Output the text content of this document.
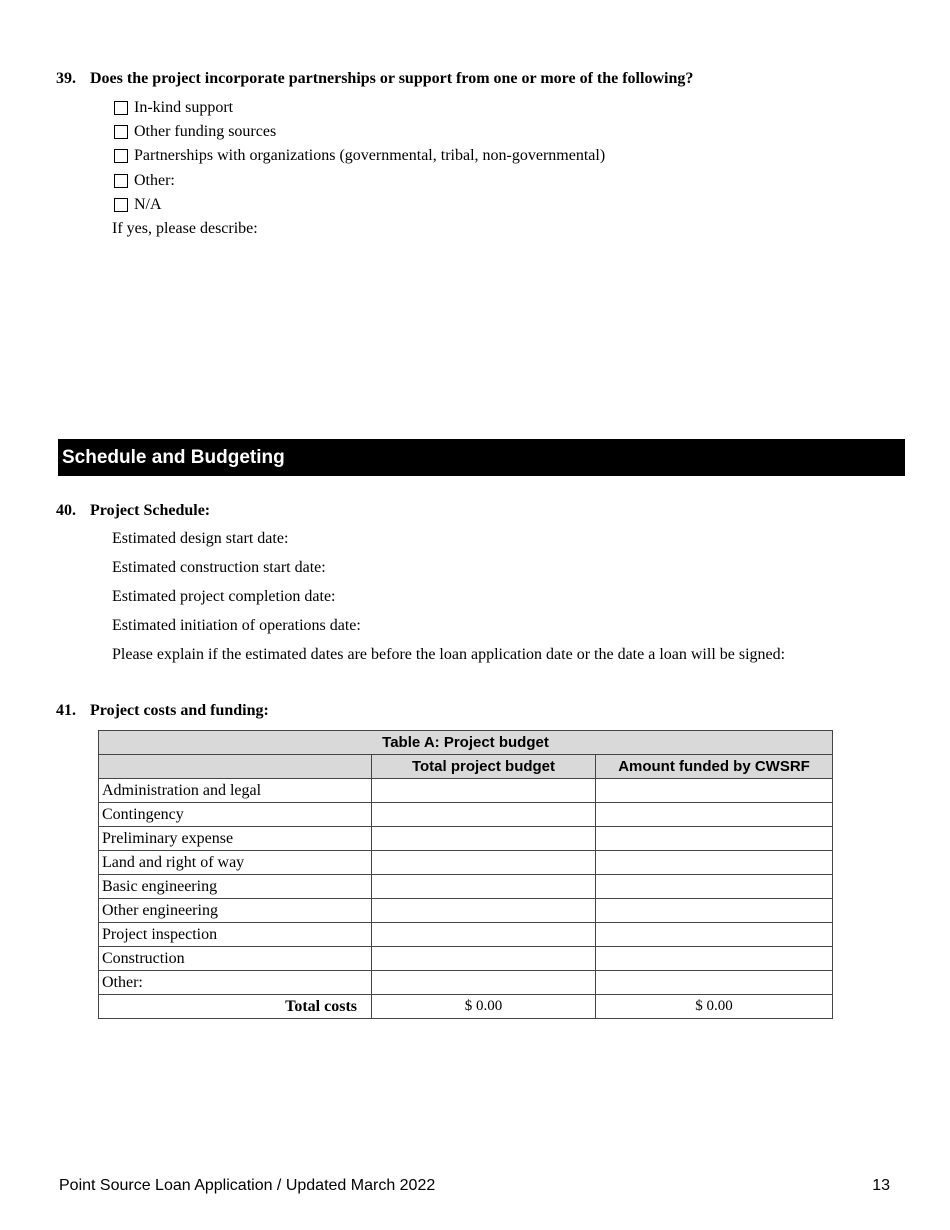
39. Does the project incorporate partnerships or support from one or more of the following?
In-kind support
Other funding sources
Partnerships with organizations (governmental, tribal, non-governmental)
Other:
N/A
If yes, please describe:
Schedule and Budgeting
40. Project Schedule:
Estimated design start date:
Estimated construction start date:
Estimated project completion date:
Estimated initiation of operations date:
Please explain if the estimated dates are before the loan application date or the date a loan will be signed:
41. Project costs and funding:
Table A: Project budget		
	Total project budget	Amount funded by CWSRF
Administration and legal		
Contingency		
Preliminary expense		
Land and right of way		
Basic engineering		
Other engineering		
Project inspection		
Construction		
Other:		
Total costs	$ 0.00	$ 0.00
Point Source Loan Application / Updated March 2022	13
